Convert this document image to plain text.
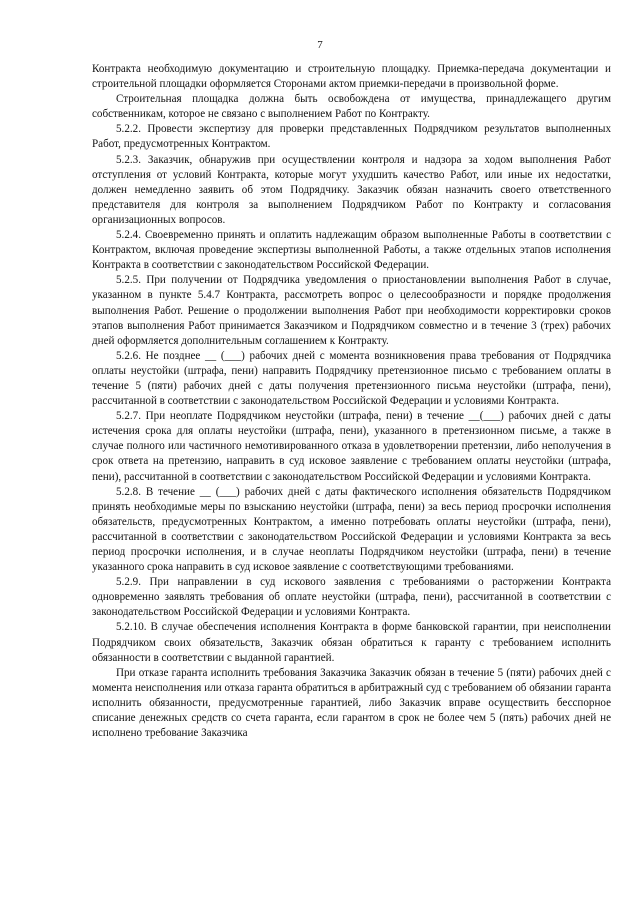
7

Контракта необходимую документацию и строительную площадку. Приемка-передача документации и строительной площадки оформляется Сторонами актом приемки-передачи в произвольной форме.

Строительная площадка должна быть освобождена от имущества, принадлежащего другим собственникам, которое не связано с выполнением Работ по Контракту.

5.2.2. Провести экспертизу для проверки представленных Подрядчиком результатов выполненных Работ, предусмотренных Контрактом.

5.2.3. Заказчик, обнаружив при осуществлении контроля и надзора за ходом выполнения Работ отступления от условий Контракта, которые могут ухудшить качество Работ, или иные их недостатки, должен немедленно заявить об этом Подрядчику. Заказчик обязан назначить своего ответственного представителя для контроля за выполнением Подрядчиком Работ по Контракту и согласования организационных вопросов.

5.2.4. Своевременно принять и оплатить надлежащим образом выполненные Работы в соответствии с Контрактом, включая проведение экспертизы выполненной Работы, а также отдельных этапов исполнения Контракта в соответствии с законодательством Российской Федерации.

5.2.5. При получении от Подрядчика уведомления о приостановлении выполнения Работ в случае, указанном в пункте 5.4.7 Контракта, рассмотреть вопрос о целесообразности и порядке продолжения выполнения Работ. Решение о продолжении выполнения Работ при необходимости корректировки сроков этапов выполнения Работ принимается Заказчиком и Подрядчиком совместно и в течение 3 (трех) рабочих дней оформляется дополнительным соглашением к Контракту.

5.2.6. Не позднее __ (___) рабочих дней с момента возникновения права требования от Подрядчика оплаты неустойки (штрафа, пени) направить Подрядчику претензионное письмо с требованием оплаты в течение 5 (пяти) рабочих дней с даты получения претензионного письма неустойки (штрафа, пени), рассчитанной в соответствии с законодательством Российской Федерации и условиями Контракта.

5.2.7. При неоплате Подрядчиком неустойки (штрафа, пени) в течение __(___) рабочих дней с даты истечения срока для оплаты неустойки (штрафа, пени), указанного в претензионном письме, а также в случае полного или частичного немотивированного отказа в удовлетворении претензии, либо неполучения в срок ответа на претензию, направить в суд исковое заявление с требованием оплаты неустойки (штрафа, пени), рассчитанной в соответствии с законодательством Российской Федерации и условиями Контракта.

5.2.8. В течение __ (___) рабочих дней с даты фактического исполнения обязательств Подрядчиком принять необходимые меры по взысканию неустойки (штрафа, пени) за весь период просрочки исполнения обязательств, предусмотренных Контрактом, а именно потребовать оплаты неустойки (штрафа, пени), рассчитанной в соответствии с законодательством Российской Федерации и условиями Контракта за весь период просрочки исполнения, и в случае неоплаты Подрядчиком неустойки (штрафа, пени) в течение указанного срока направить в суд исковое заявление с соответствующими требованиями.

5.2.9. При направлении в суд искового заявления с требованиями о расторжении Контракта одновременно заявлять требования об оплате неустойки (штрафа, пени), рассчитанной в соответствии с законодательством Российской Федерации и условиями Контракта.

5.2.10. В случае обеспечения исполнения Контракта в форме банковской гарантии, при неисполнении Подрядчиком своих обязательств, Заказчик обязан обратиться к гаранту с требованием исполнить обязанности в соответствии с выданной гарантией.

При отказе гаранта исполнить требования Заказчика Заказчик обязан в течение 5 (пяти) рабочих дней с момента неисполнения или отказа гаранта обратиться в арбитражный суд с требованием об обязании гаранта исполнить обязанности, предусмотренные гарантией, либо Заказчик вправе осуществить бесспорное списание денежных средств со счета гаранта, если гарантом в срок не более чем 5 (пять) рабочих дней не исполнено требование Заказчика
